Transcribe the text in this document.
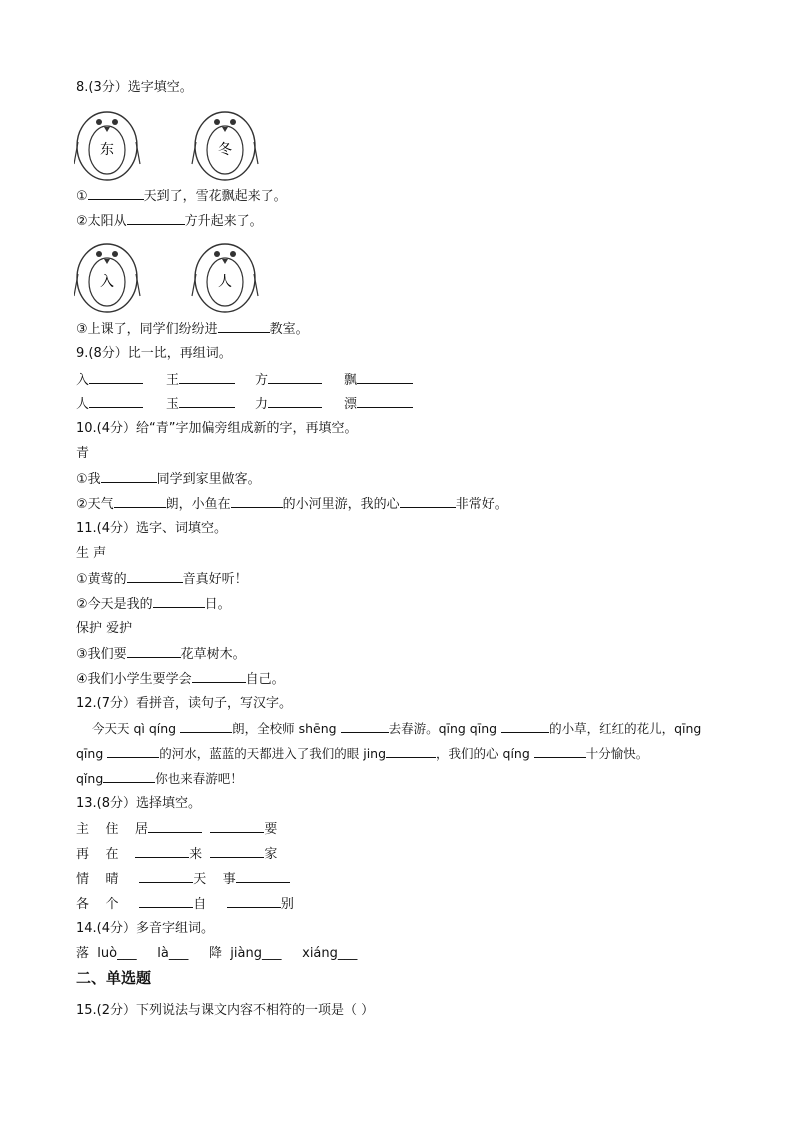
8.(3分）选字填空。
东	冬
①	天到了，雪花飘起来了。
②太阳从	方升起来了。
入	人
③上课了，同学们纷纷进	教室。
9.(8分）比一比，再组词。
入	王	方	飘
人	玉	力	漂
10.(4分）给“青”字加偏旁组成新的字，再填空。
青
①我	同学到家里做客。
②天气	朗，小鱼在	的小河里游，我的心	非常好。
11.(4分）选字、词填空。
生 声
①黄莺的	音真好听！
②今天是我的	日。
保护 爱护
③我们要	花草树木。
④我们小学生要学会	自己。
12.(7分）看拼音，读句子，写汉字。
今天天 qì qíng	朗，全校师 shēng	去春游。qīng qīng	的小草，红红的花儿，qīng
qīng	的河水，蓝蓝的天都进入了我们的眼 jing	，我们的心 qíng	十分愉快。
qǐng	你也来春游吧！
13.(8分）选择填空。
主    住    居	要
再    在	来	家
情    晴	天    事
各    个	自	别
14.(4分）多音字组词。
落  luò___ là___ 降  jiàng___ xiáng___
二、单选题
15.(2分）下列说法与课文内容不相符的一项是（ ）
